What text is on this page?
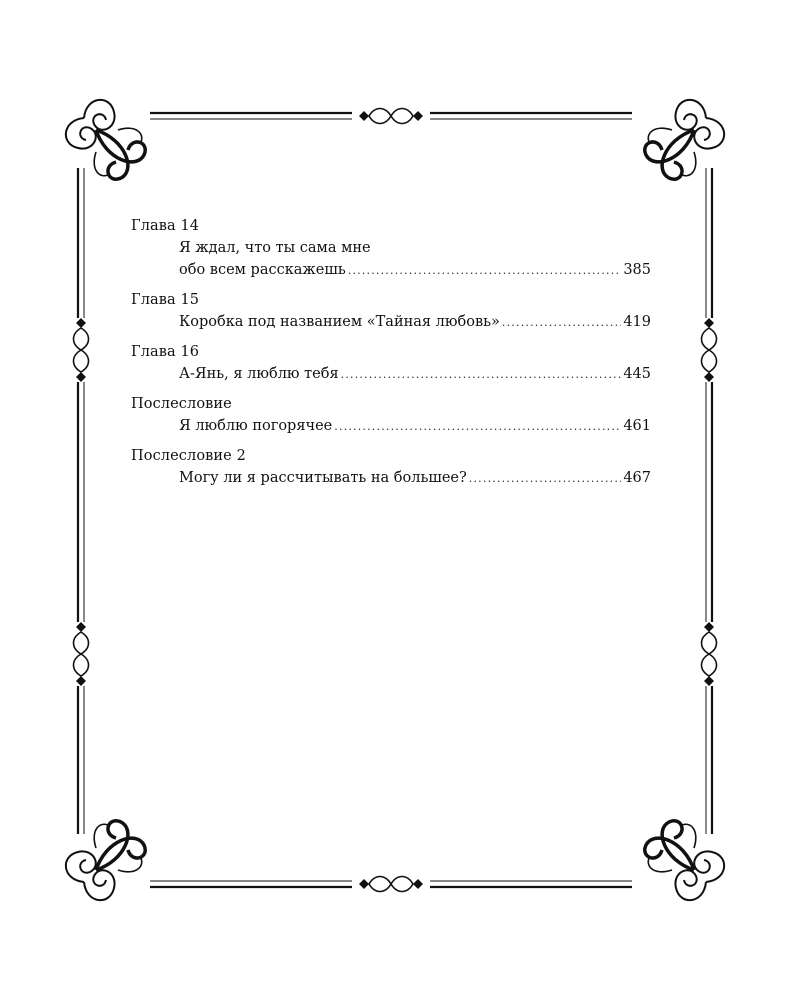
Глава 14
Я ждал, что ты сама мне
обо всем расскажешь .....	385
Глава 15
Коробка под названием «Тайная любовь» .....	419
Глава 16
А-Янь, я люблю тебя .....	445
Послесловие
Я люблю погорячее .....	461
Послесловие 2
Могу ли я рассчитывать на большее? .....	467
